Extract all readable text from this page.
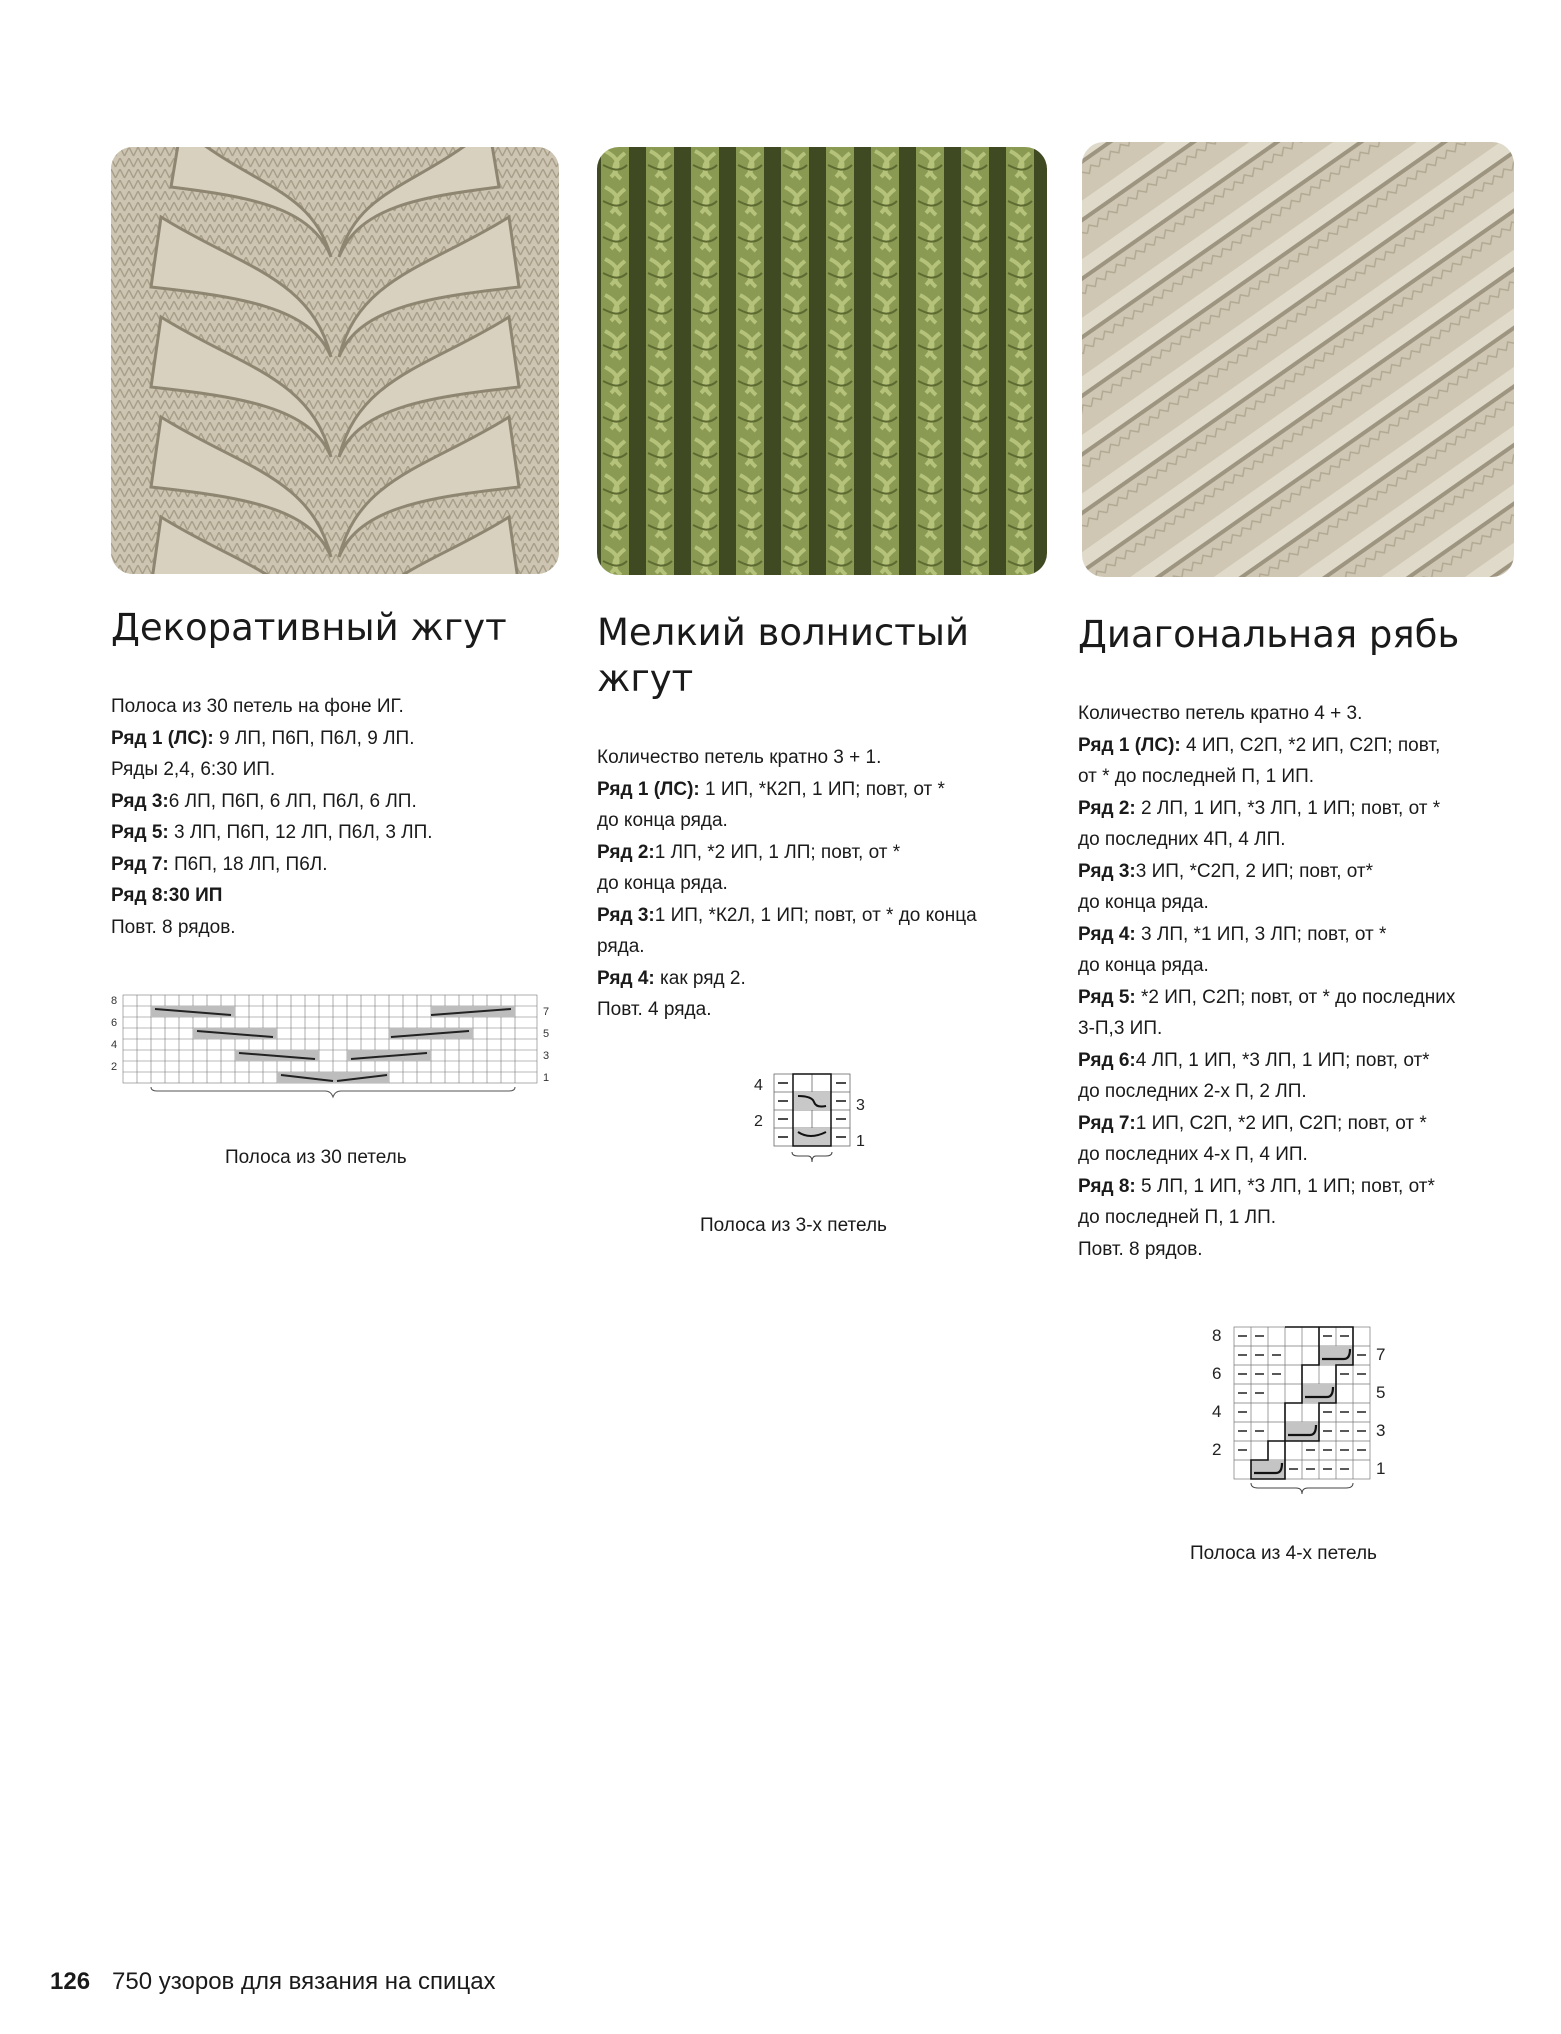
Декоративный жгут
Полоса из 30 петель на фоне ИГ.
Ряд 1 (ЛС): 9 ЛП, П6П, П6Л, 9 ЛП.
Ряды 2,4, 6:30 ИП.
Ряд 3:6 ЛП, П6П, 6 ЛП, П6Л, 6 ЛП.
Ряд 5: 3 ЛП, П6П, 12 ЛП, П6Л, 3 ЛП.
Ряд 7: П6П, 18 ЛП, П6Л.
Ряд 8:30 ИП
Повт. 8 рядов.
8
6
4
2
7
5
3
1
Полоса из 30 петель
Мелкий волнистый
жгут
Количество петель кратно 3 + 1.
Ряд 1 (ЛС): 1 ИП, *К2П, 1 ИП; повт, от *
до конца ряда.
Ряд 2:1 ЛП, *2 ИП, 1 ЛП; повт, от *
до конца ряда.
Ряд 3:1 ИП, *К2Л, 1 ИП; повт, от * до конца
ряда.
Ряд 4: как ряд 2.
Повт. 4 ряда.
4
2
3
1
Полоса из 3-х петель
Диагональная рябь
Количество петель кратно 4 + 3.
Ряд 1 (ЛС): 4 ИП, С2П, *2 ИП, С2П; повт,
от * до последней П, 1 ИП.
Ряд 2: 2 ЛП, 1 ИП, *3 ЛП, 1 ИП; повт, от *
до последних 4П, 4 ЛП.
Ряд 3:3 ИП, *С2П, 2 ИП; повт, от*
до конца ряда.
Ряд 4: 3 ЛП, *1 ИП, 3 ЛП; повт, от *
до конца ряда.
Ряд 5: *2 ИП, С2П; повт, от * до последних
3-П,3 ИП.
Ряд 6:4 ЛП, 1 ИП, *3 ЛП, 1 ИП; повт, от*
до последних 2-х П, 2 ЛП.
Ряд 7:1 ИП, С2П, *2 ИП, С2П; повт, от *
до последних 4-х П, 4 ИП.
Ряд 8: 5 ЛП, 1 ИП, *3 ЛП, 1 ИП; повт, от*
до последней П, 1 ЛП.
Повт. 8 рядов.
8
6
4
2
7
5
3
1
Полоса из 4-х петель
126 750 узоров для вязания на спицах
